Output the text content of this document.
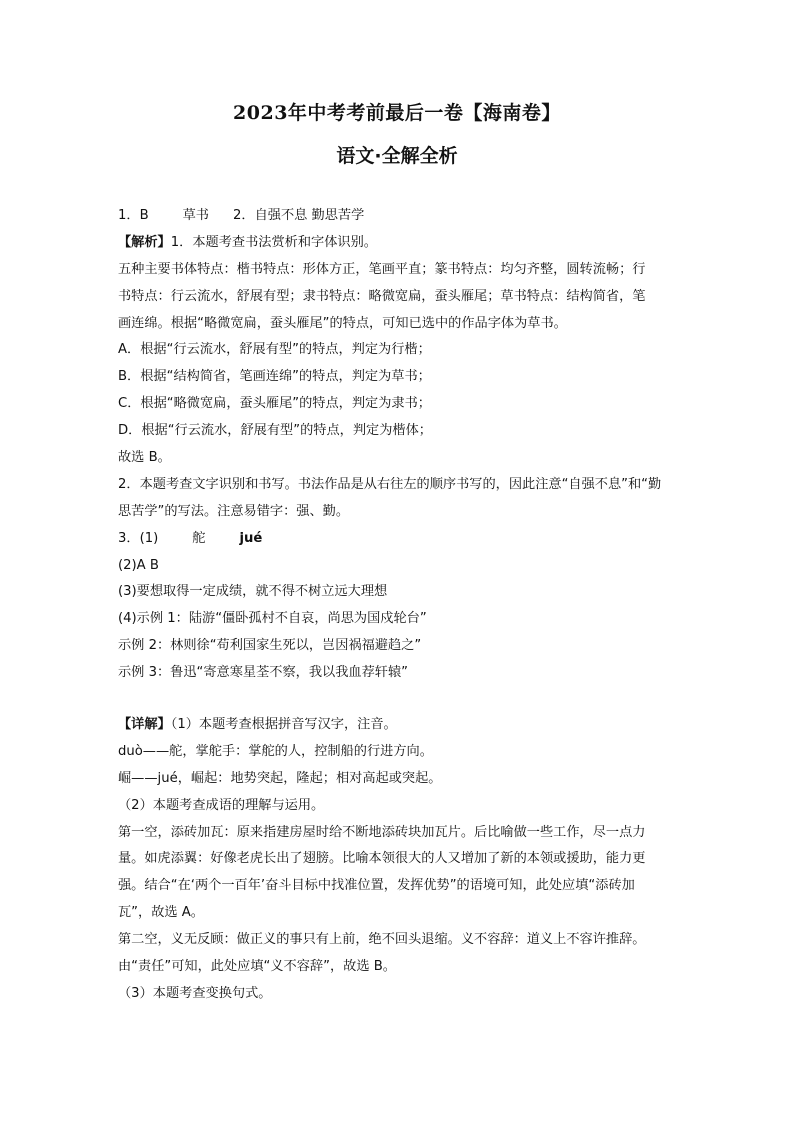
2023年中考考前最后一卷【海南卷】
语文·全解全析
1．B	草书 2．自强不息 勤思苦学
【解析】1．本题考查书法赏析和字体识别。
五种主要书体特点：楷书特点：形体方正，笔画平直；篆书特点：均匀齐整，圆转流畅；行
书特点：行云流水，舒展有型；隶书特点：略微宽扁，蚕头雁尾；草书特点：结构简省，笔
画连绵。根据“略微宽扁，蚕头雁尾”的特点，可知已选中的作品字体为草书。
A．根据“行云流水，舒展有型”的特点，判定为行楷；
B．根据“结构简省，笔画连绵”的特点，判定为草书；
C．根据“略微宽扁，蚕头雁尾”的特点，判定为隶书；
D．根据“行云流水，舒展有型”的特点，判定为楷体；
故选 B。
2．本题考查文字识别和书写。书法作品是从右往左的顺序书写的，因此注意“自强不息”和“勤
思苦学”的写法。注意易错字：强、勤。
3．(1)	舵	jué
(2)A B
(3)要想取得一定成绩，就不得不树立远大理想
(4)示例 1：陆游“僵卧孤村不自哀，尚思为国戍轮台”
示例 2：林则徐“苟利国家生死以，岂因祸福避趋之”
示例 3：鲁迅“寄意寒星荃不察，我以我血荐轩辕”
【详解】（1）本题考查根据拼音写汉字，注音。
duò——舵，掌舵手：掌舵的人，控制船的行进方向。
崛——jué，崛起：地势突起，隆起；相对高起或突起。
（2）本题考查成语的理解与运用。
第一空，添砖加瓦：原来指建房屋时给不断地添砖块加瓦片。后比喻做一些工作，尽一点力
量。如虎添翼：好像老虎长出了翅膀。比喻本领很大的人又增加了新的本领或援助，能力更
强。结合“在‘两个一百年’奋斗目标中找准位置，发挥优势”的语境可知，此处应填“添砖加
瓦”，故选 A。
第二空，义无反顾：做正义的事只有上前，绝不回头退缩。义不容辞：道义上不容许推辞。
由“责任”可知，此处应填“义不容辞”，故选 B。
（3）本题考查变换句式。
